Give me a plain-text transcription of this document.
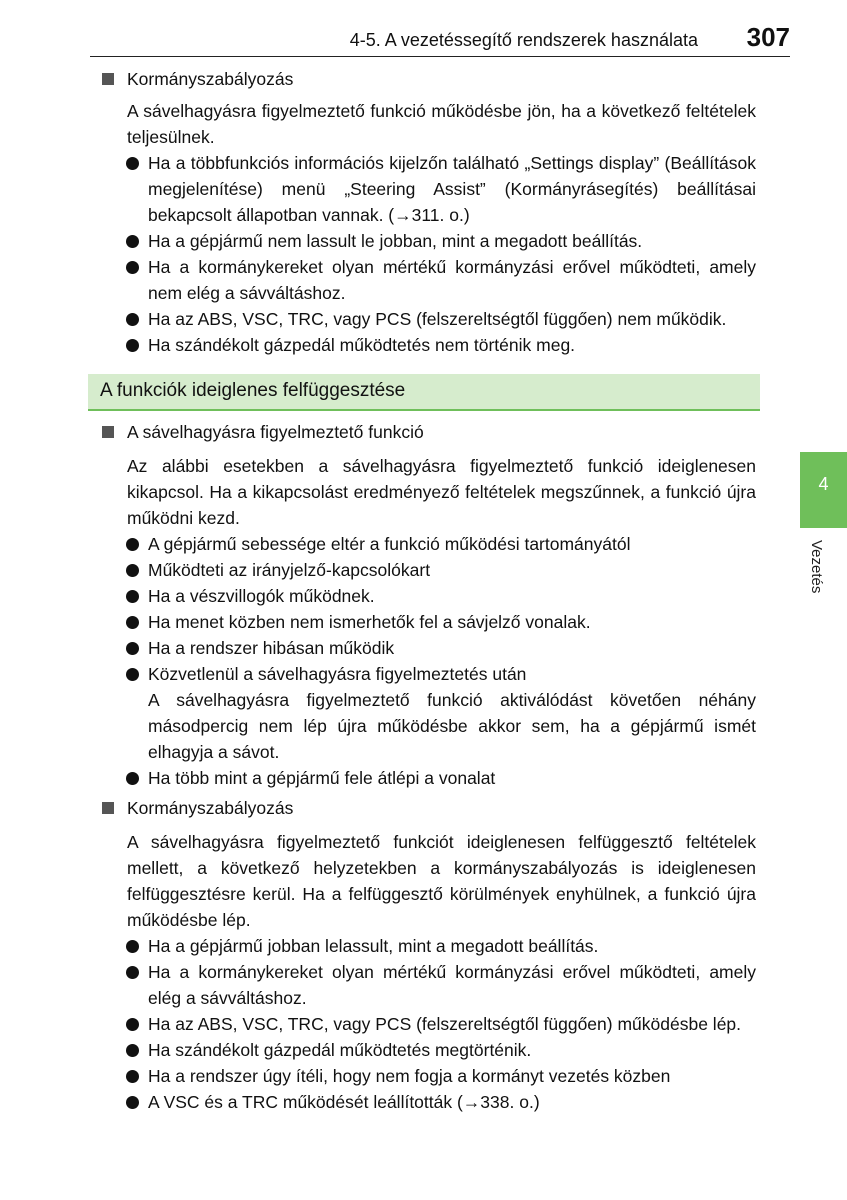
4-5. A vezetéssegítő rendszerek használata 307
4
Vezetés
Kormányszabályozás

A sávelhagyásra figyelmeztető funkció működésbe jön, ha a következő feltételek teljesülnek.

Ha a többfunkciós információs kijelzőn található „Settings display” (Beállítások megjelenítése) menü „Steering Assist” (Kormányrásegítés) beállításai bekapcsolt állapotban vannak. (→311. o.)
Ha a gépjármű nem lassult le jobban, mint a megadott beállítás.
Ha a kormánykereket olyan mértékű kormányzási erővel működteti, amely nem elég a sávváltáshoz.
Ha az ABS, VSC, TRC, vagy PCS (felszereltségtől függően) nem működik.
Ha szándékolt gázpedál működtetés nem történik meg.
A funkciók ideiglenes felfüggesztése
A sávelhagyásra figyelmeztető funkció

Az alábbi esetekben a sávelhagyásra figyelmeztető funkció ideiglenesen kikapcsol. Ha a kikapcsolást eredményező feltételek megszűnnek, a funkció újra működni kezd.

A gépjármű sebessége eltér a funkció működési tartományától
Működteti az irányjelző-kapcsolókart
Ha a vészvillogók működnek.
Ha menet közben nem ismerhetők fel a sávjelző vonalak.
Ha a rendszer hibásan működik
Közvetlenül a sávelhagyásra figyelmeztetés után
A sávelhagyásra figyelmeztető funkció aktiválódást követően néhány másodpercig nem lép újra működésbe akkor sem, ha a gépjármű ismét elhagyja a sávot.
Ha több mint a gépjármű fele átlépi a vonalat
Kormányszabályozás

A sávelhagyásra figyelmeztető funkciót ideiglenesen felfüggesztő feltételek mellett, a következő helyzetekben a kormányszabályozás is ideiglenesen felfüggesztésre kerül. Ha a felfüggesztő körülmények enyhülnek, a funkció újra működésbe lép.

Ha a gépjármű jobban lelassult, mint a megadott beállítás.
Ha a kormánykereket olyan mértékű kormányzási erővel működteti, amely elég a sávváltáshoz.
Ha az ABS, VSC, TRC, vagy PCS (felszereltségtől függően) működésbe lép.
Ha szándékolt gázpedál működtetés megtörténik.
Ha a rendszer úgy ítéli, hogy nem fogja a kormányt vezetés közben
A VSC és a TRC működését leállították (→338. o.)
